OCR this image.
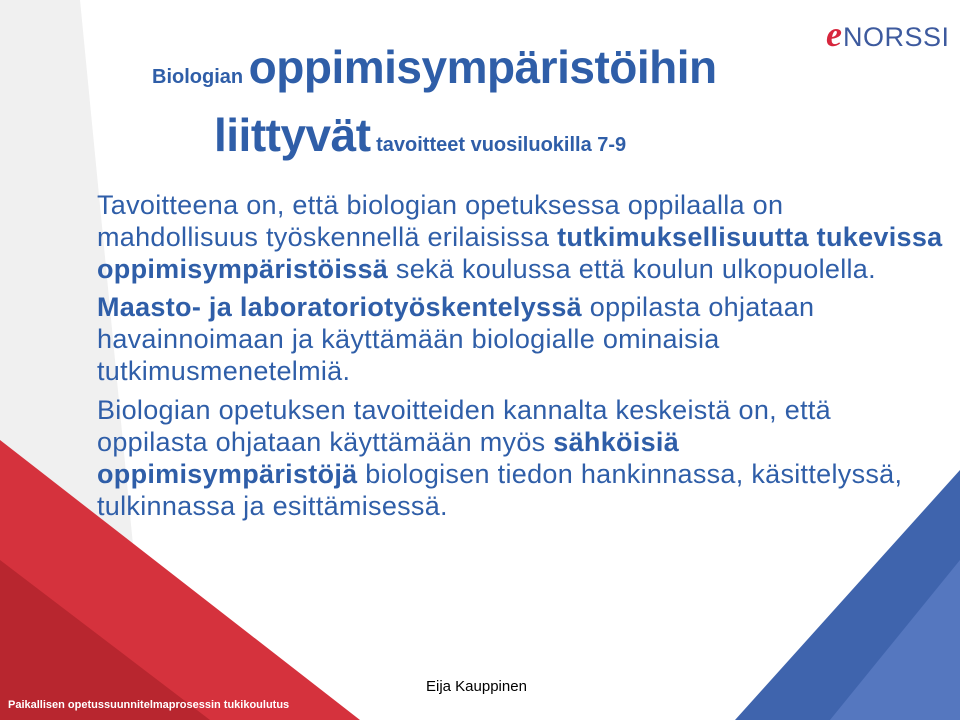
e NORSSI
Biologian oppimisympäristöihin
liittyvät tavoitteet vuosiluokilla 7-9

Tavoitteena on, että biologian opetuksessa oppilaalla on mahdollisuus työskennellä erilaisissa tutkimuksellisuutta tukevissa oppimisympäristöissä sekä koulussa että koulun ulkopuolella.

Maasto- ja laboratoriotyöskentelyssä oppilasta ohjataan havainnoimaan ja käyttämään biologialle ominaisia tutkimusmenetelmiä.

Biologian opetuksen tavoitteiden kannalta keskeistä on, että oppilasta ohjataan käyttämään myös sähköisiä oppimisympäristöjä biologisen tiedon hankinnassa, käsittelyssä, tulkinnassa ja esittämisessä.

Eija Kauppinen
Paikallisen opetussuunnitelmaprosessin tukikoulutus
